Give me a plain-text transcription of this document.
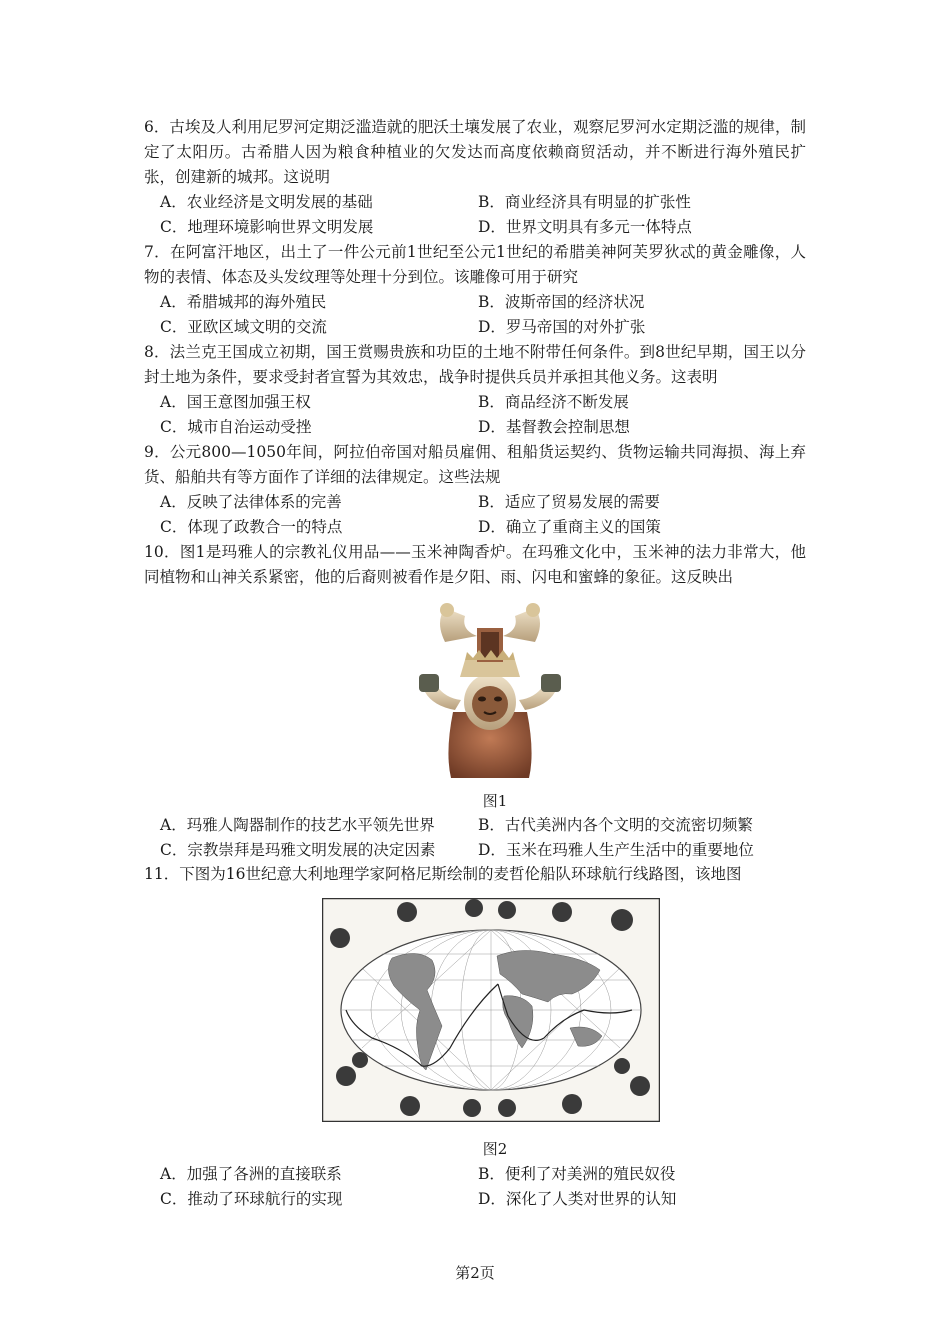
6．古埃及人利用尼罗河定期泛滥造就的肥沃土壤发展了农业，观察尼罗河水定期泛滥的规律，制定了太阳历。古希腊人因为粮食种植业的欠发达而高度依赖商贸活动，并不断进行海外殖民扩张，创建新的城邦。这说明
A．农业经济是文明发展的基础	B．商业经济具有明显的扩张性
C．地理环境影响世界文明发展	D．世界文明具有多元一体特点
7．在阿富汗地区，出土了一件公元前1世纪至公元1世纪的希腊美神阿芙罗狄忒的黄金雕像，人物的表情、体态及头发纹理等处理十分到位。该雕像可用于研究
A．希腊城邦的海外殖民	B．波斯帝国的经济状况
C．亚欧区域文明的交流	D．罗马帝国的对外扩张
8．法兰克王国成立初期，国王赏赐贵族和功臣的土地不附带任何条件。到8世纪早期，国王以分封土地为条件，要求受封者宣誓为其效忠，战争时提供兵员并承担其他义务。这表明
A．国王意图加强王权	B．商品经济不断发展
C．城市自治运动受挫	D．基督教会控制思想
9．公元800—1050年间，阿拉伯帝国对船员雇佣、租船货运契约、货物运输共同海损、海上弃货、船舶共有等方面作了详细的法律规定。这些法规
A．反映了法律体系的完善	B．适应了贸易发展的需要
C．体现了政教合一的特点	D．确立了重商主义的国策
10．图1是玛雅人的宗教礼仪用品——玉米神陶香炉。在玛雅文化中，玉米神的法力非常大，他同植物和山神关系紧密，他的后裔则被看作是夕阳、雨、闪电和蜜蜂的象征。这反映出
图1
A．玛雅人陶器制作的技艺水平领先世界	B．古代美洲内各个文明的交流密切频繁
C．宗教崇拜是玛雅文明发展的决定因素	D．玉米在玛雅人生产生活中的重要地位
11．下图为16世纪意大利地理学家阿格尼斯绘制的麦哲伦船队环球航行线路图，该地图
图2
A．加强了各洲的直接联系	B．便利了对美洲的殖民奴役
C．推动了环球航行的实现	D．深化了人类对世界的认知
第2页
